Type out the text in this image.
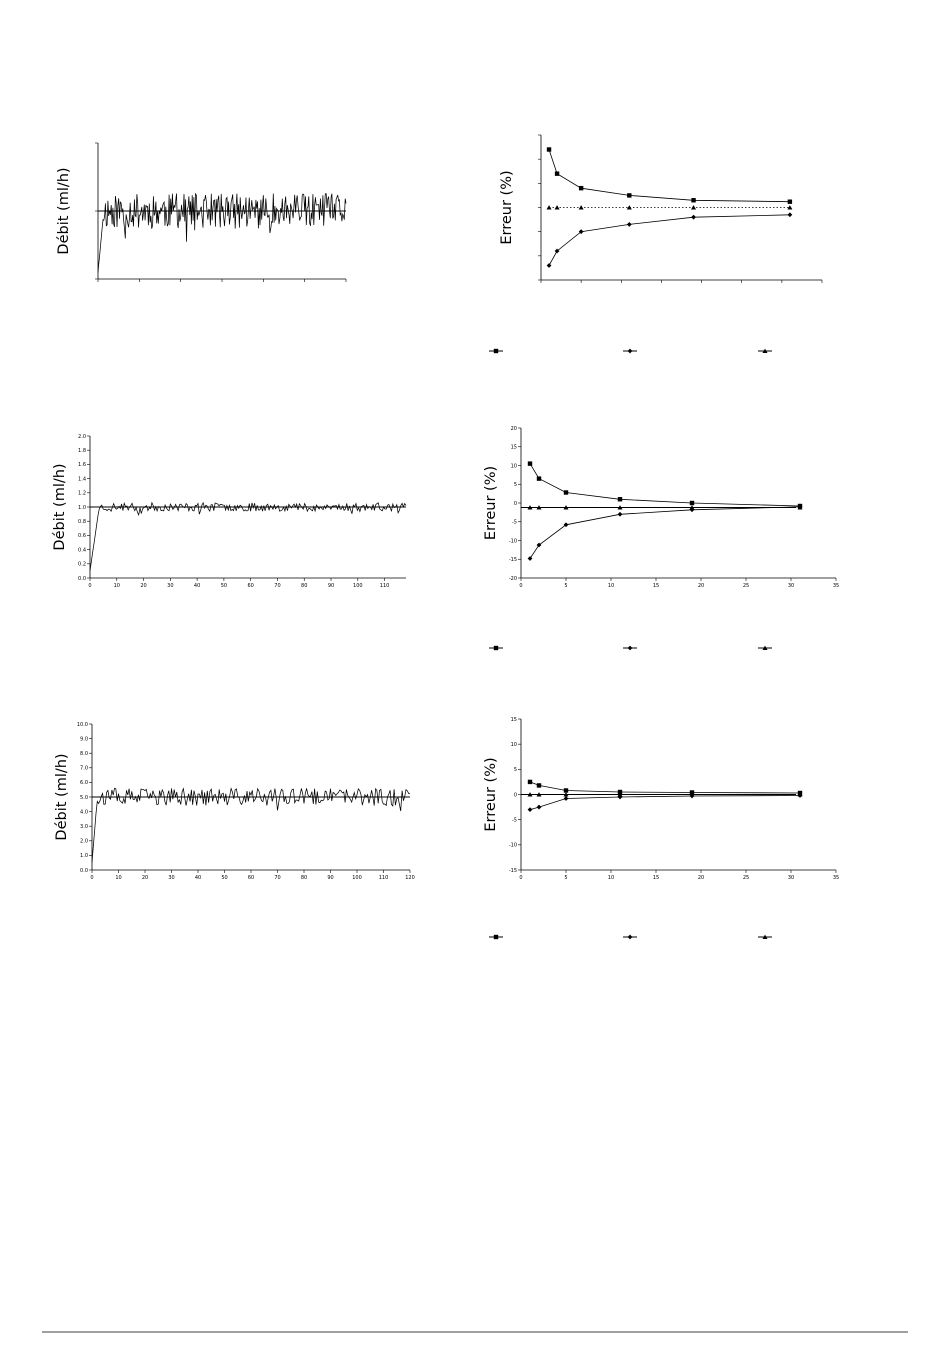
Débit (ml/h)	Erreur (%)
0	10	20	30	40	50	60	70	80	90	100	110
0.0
0.2
0.4
0.6
0.8
1.0
1.2
1.4
1.6
1.8
2.0
Débit (ml/h)
0	5	10	15	20	25	30	35
-20
-15
-10
-5
0
5
10
15
20
Erreur (%)
0	10	20	30	40	50	60	70	80	90	100	110	120
0.0
1.0
2.0
3.0
4.0
5.0
6.0
7.0
8.0
9.0
10.0
Débit (ml/h)
0	5	10	15	20	25	30	35
-15
-10
-5
0
5
10
15
Erreur (%)
